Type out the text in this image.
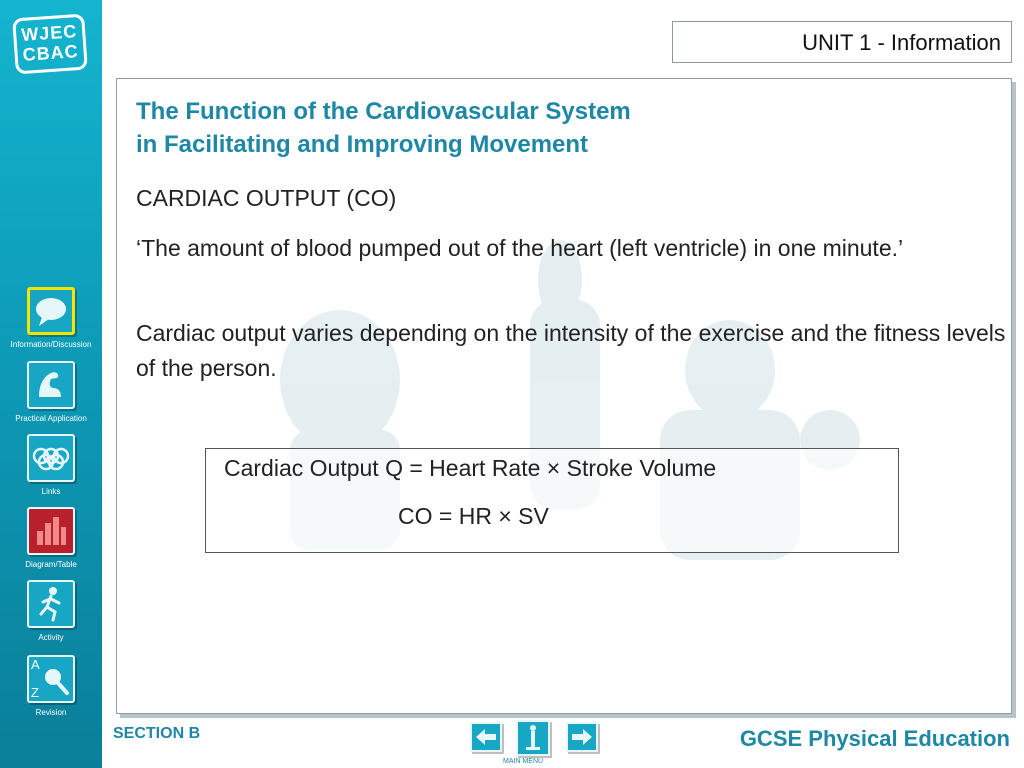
WJEC
CBAC
Information/Discussion
Practical Application
Links
Diagram/Table
Activity
A
Z
Revision
UNIT 1 - Information
The Function of the Cardiovascular System
in Facilitating and Improving Movement
CARDIAC OUTPUT (CO)
‘The amount of blood pumped out of the heart (left ventricle) in one minute.’
Cardiac output varies depending on the intensity of the exercise and the fitness levels of the person.
Cardiac Output Q = Heart Rate × Stroke Volume
CO = HR × SV
SECTION B
MAIN MENU
GCSE Physical Education
